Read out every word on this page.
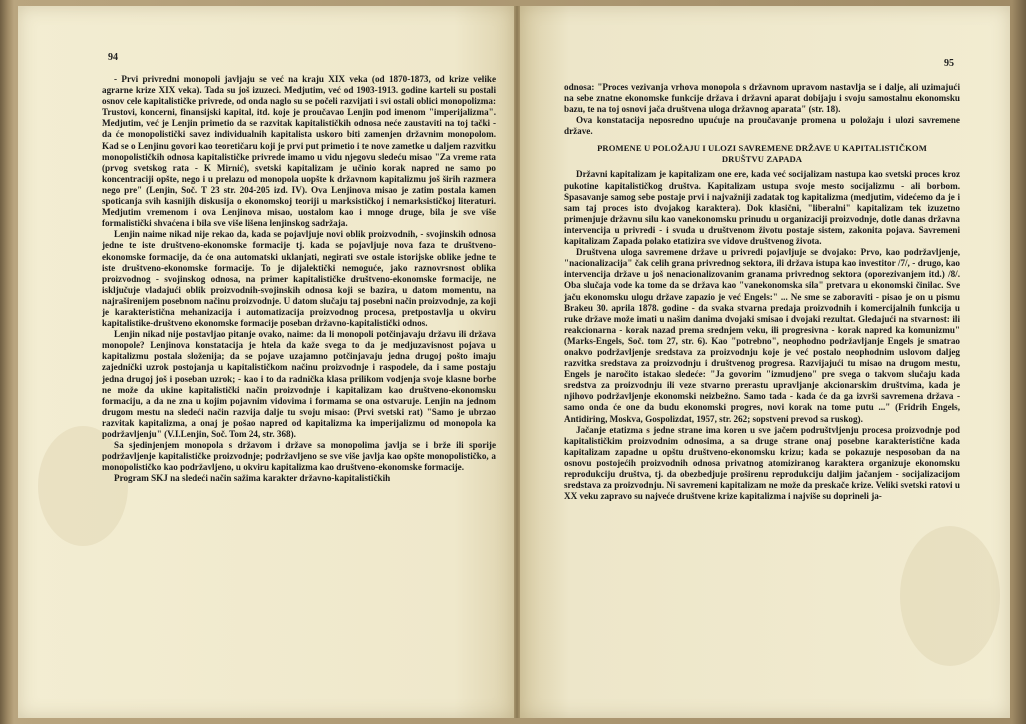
94

- Prvi privredni monopoli javljaju se već na kraju XIX veka (od 1870-1873, od krize velike agrarne krize XIX veka). Tada su još izuzeci. Medjutim, već od 1903-1913. godine karteli su postali osnov cele kapitalističke privrede, od onda naglo su se počeli razvijati i svi ostali oblici monopolizma: Trustovi, koncerni, finansijski kapital, itd. koje je proučavao Lenjin pod imenom "imperijalizma". Medjutim, već je Lenjin primetio da se razvitak kapitalističkih odnosa neće zaustaviti na toj tački - da će monopolistički savez individualnih kapitalista uskoro biti zamenjen državnim monopolom. Kad se o Lenjinu govori kao teoretičaru koji je prvi put primetio i te nove zametke u daljem razvitku monopolističkih odnosa kapitalističke privrede imamo u vidu njegovu sledeću misao "Za vreme rata (prvog svetskog rata - K Mirnić), svetski kapitalizam je učinio korak napred ne samo po koncentraciji opšte, nego i u prelazu od monopola uopšte k državnom kapitalizmu još širih razmera nego pre" (Lenjin, Soč. T 23 str. 204-205 izd. IV). Ova Lenjinova misao je zatim postala kamen spoticanja svih kasnijih diskusija o ekonomskoj teoriji u marksističkoj i nemarksističkoj literaturi. Medjutim vremenom i ova Lenjinova misao, uostalom kao i mnoge druge, bila je sve više formalistički shvaćena i bila sve više lišena lenjinskog sadržaja.

Lenjin naime nikad nije rekao da, kada se pojavljuje novi oblik proizvodnih, - svojinskih odnosa jedne te iste društveno-ekonomske formacije tj. kada se pojavljuje nova faza te društveno-ekonomske formacije, da će ona automatski uklanjati, negirati sve ostale istorijske oblike jedne te iste društveno-ekonomske formacije. To je dijalektički nemoguće, jako raznovrsnost oblika proizvodnog - svojinskog odnosa, na primer kapitalističke društveno-ekonomske formacije, ne isključuje vladajući oblik proizvodnih-svojinskih odnosa koji se bazira, u datom momentu, na najraširenijem posebnom načinu proizvodnje. U datom slučaju taj posebni način proizvodnje, za koji je karakteristična mehanizacija i automatizacija proizvodnog procesa, pretpostavlja u okviru kapitalistike-društveno ekonomske formacije poseban državno-kapitalistički odnos.

Lenjin nikad nije postavljao pitanje ovako, naime: da li monopoli potčinjavaju državu ili država monopole? Lenjinova konstatacija je htela da kaže svega to da je medjuzavisnost pojava u kapitalizmu postala složenija; da se pojave uzajamno potčinjavaju jedna drugoj pošto imaju zajednički uzrok postojanja u kapitalističkom načinu proizvodnje i raspodele, da i same postaju jedna drugoj još i poseban uzrok; - kao i to da radnička klasa prilikom vodjenja svoje klasne borbe ne može da ukine kapitalistički način proizvodnje i kapitalizam kao društveno-ekonomsku formaciju, a da ne zna u kojim pojavnim vidovima i formama se ona ostvaruje. Lenjin na jednom drugom mestu na sledeći način razvija dalje tu svoju misao: (Prvi svetski rat) "Samo je ubrzao razvitak kapitalizma, a onaj je pošao napred od kapitalizma ka imperijalizmu od monopola ka podržavljenju" (V.I.Lenjin, Soč. Tom 24, str. 368).

Sa sjedinjenjem monopola s državom i države sa monopolima javlja se i brže ili sporije podržavljenje kapitalističke proizvodnje; podržavljeno se sve više javlja kao opšte monopolističko, a monopolističko kao podržavljeno, u okviru kapitalizma kao društveno-ekonomske formacije.

Program SKJ na sledeći način sažima karakter državno-kapitalističkih

95

odnosa: "Proces vezivanja vrhova monopola s državnom upravom nastavlja se i dalje, ali uzimajući na sebe znatne ekonomske funkcije država i državni aparat dobijaju i svoju samostalnu ekonomsku bazu, te na toj osnovi jača društvena uloga državnog aparata" (str. 18).

Ova konstatacija neposredno upućuje na proučavanje promena u položaju i ulozi savremene države.

PROMENE U POLOŽAJU I ULOZI SAVREMENE DRŽAVE U KAPITALISTIČKOM
DRUŠTVU ZAPADA

Državni kapitalizam je kapitalizam one ere, kada već socijalizam nastupa kao svetski proces kroz pukotine kapitalističkog društva. Kapitalizam ustupa svoje mesto socijalizmu - ali borbom. Spasavanje samog sebe postaje prvi i najvažniji zadatak tog kapitalizma (medjutim, videćemo da je i sam taj proces isto dvojakog karaktera). Dok klasični, "liberalni" kapitalizam tek izuzetno primenjuje državnu silu kao vanekonomsku prinudu u organizaciji proizvodnje, dotle danas državna intervencija u privredi - i svuda u društvenom životu postaje sistem, zakonita pojava. Savremeni kapitalizam Zapada polako etatizira sve vidove društvenog života.

Društvena uloga savremene države u privredi pojavljuje se dvojako: Prvo, kao podržavljenje, "nacionalizacija" čak celih grana privrednog sektora, ili država istupa kao investitor /7/, - drugo, kao intervencija države u još nenacionalizovanim granama privrednog sektora (oporezivanjem itd.) /8/. Oba slučaja vode ka tome da se država kao "vanekonomska sila" pretvara u ekonomski činilac. Sve jaču ekonomsku ulogu države zapazio je već Engels:" ... Ne sme se zaboraviti - pisao je on u pismu Brakeu 30. aprila 1878. godine - da svaka stvarna predaja proizvodnih i komercijalnih funkcija u ruke države može imati u našim danima dvojaki smisao i dvojaki rezultat. Gledajući na stvarnost: ili reakcionarna - korak nazad prema srednjem veku, ili progresivna - korak napred ka komunizmu" (Marks-Engels, Soč. tom 27, str. 6). Kao "potrebno", neophodno podržavljanje Engels je smatrao onakvo podržavljenje sredstava za proizvodnju koje je već postalo neophodnim uslovom daljeg razvitka sredstava za proizvodnju i društvenog progresa. Razvijajući tu misao na drugom mestu, Engels je naročito istakao sledeće: "Ja govorim "izmudjeno" pre svega o takvom slučaju kada sredstva za proizvodnju ili veze stvarno prerastu upravljanje akcionarskim društvima, kada je njihovo podržavljenje ekonomski neizbežno. Samo tada - kada će da ga izvrši savremena država - samo onda će one da budu ekonomski progres, novi korak na tome putu ..." (Fridrih Engels, Antidiring, Moskva, Gospolizdat, 1957, str. 262; sopstveni prevod sa ruskog).

Jačanje etatizma s jedne strane ima koren u sve jačem podruštvljenju procesa proizvodnje pod kapitalističkim proizvodnim odnosima, a sa druge strane onaj posebne karakteristične kada kapitalizam zapadne u opštu društveno-ekonomsku krizu; kada se pokazuje nesposoban da na osnovu postojećih proizvodnih odnosa privatnog atomiziranog karaktera organizuje ekonomsku reprodukciju društva, tj. da obezbedjuje proširenu reprodukciju daljim jačanjem - socijalizacijom sredstava za proizvodnju. Ni savremeni kapitalizam ne može da preskače krize. Veliki svetski ratovi u XX veku zapravo su najveće društvene krize kapitalizma i najviše su doprineli ja-
